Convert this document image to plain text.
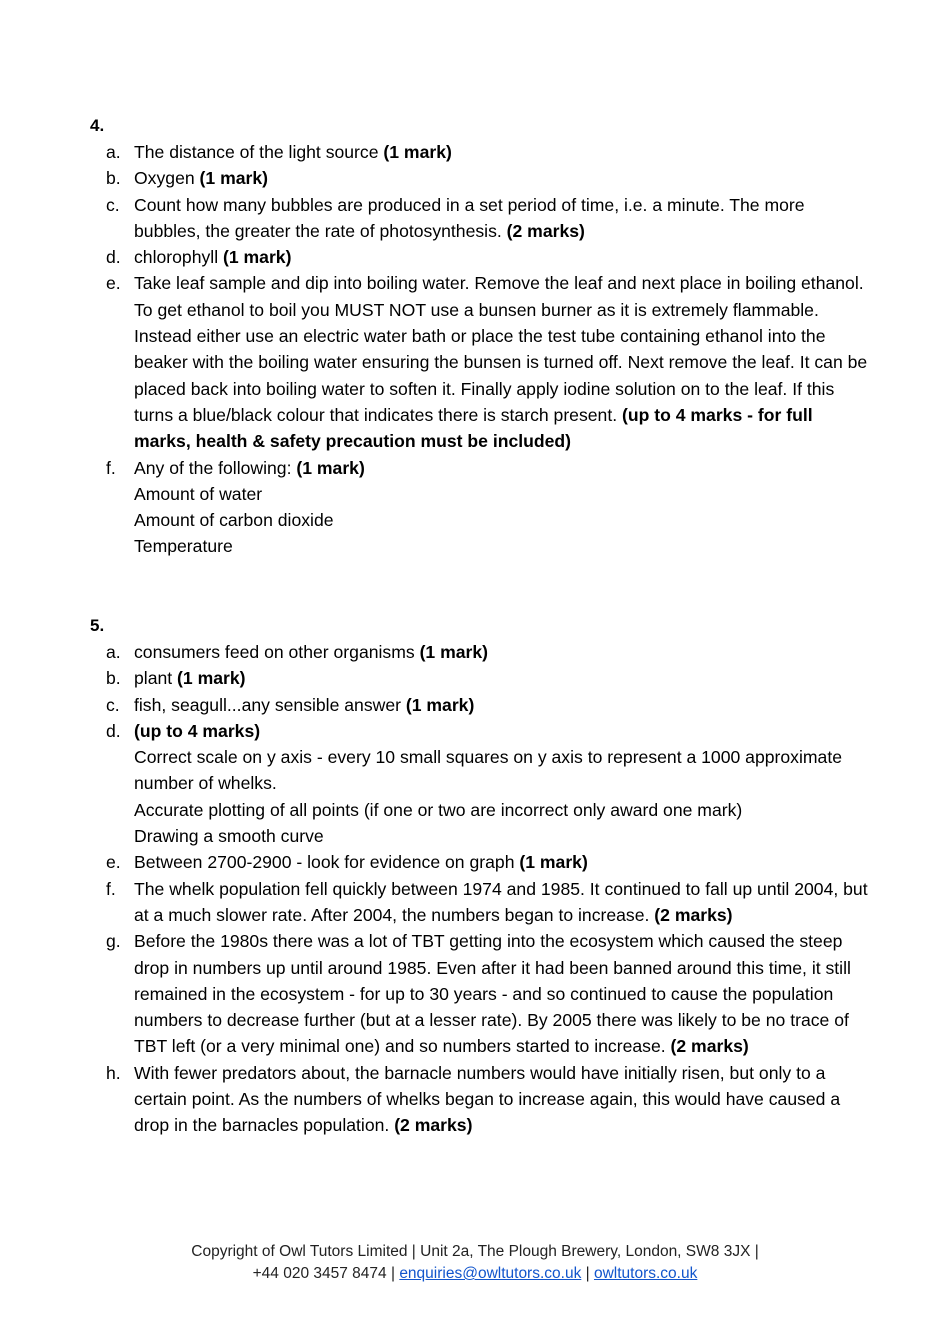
4.
a. The distance of the light source (1 mark)
b. Oxygen (1 mark)
c. Count how many bubbles are produced in a set period of time, i.e. a minute. The more bubbles, the greater the rate of photosynthesis. (2 marks)
d. chlorophyll (1 mark)
e. Take leaf sample and dip into boiling water. Remove the leaf and next place in boiling ethanol. To get ethanol to boil you MUST NOT use a bunsen burner as it is extremely flammable. Instead either use an electric water bath or place the test tube containing ethanol into the beaker with the boiling water ensuring the bunsen is turned off. Next remove the leaf. It can be placed back into boiling water to soften it. Finally apply iodine solution on to the leaf. If this turns a blue/black colour that indicates there is starch present. (up to 4 marks - for full marks, health & safety precaution must be included)
f. Any of the following: (1 mark)
Amount of water
Amount of carbon dioxide
Temperature
5.
a. consumers feed on other organisms (1 mark)
b. plant (1 mark)
c. fish, seagull...any sensible answer (1 mark)
d. (up to 4 marks)
Correct scale on y axis - every 10 small squares on y axis to represent a 1000 approximate number of whelks.
Accurate plotting of all points (if one or two are incorrect only award one mark)
Drawing a smooth curve
e. Between 2700-2900 - look for evidence on graph (1 mark)
f. The whelk population fell quickly between 1974 and 1985. It continued to fall up until 2004, but at a much slower rate. After 2004, the numbers began to increase. (2 marks)
g. Before the 1980s there was a lot of TBT getting into the ecosystem which caused the steep drop in numbers up until around 1985. Even after it had been banned around this time, it still remained in the ecosystem - for up to 30 years - and so continued to cause the population numbers to decrease further (but at a lesser rate). By 2005 there was likely to be no trace of TBT left (or a very minimal one) and so numbers started to increase. (2 marks)
h. With fewer predators about, the barnacle numbers would have initially risen, but only to a certain point. As the numbers of whelks began to increase again, this would have caused a drop in the barnacles population. (2 marks)
Copyright of Owl Tutors Limited | Unit 2a, The Plough Brewery, London, SW8 3JX |
+44 020 3457 8474 | enquiries@owltutors.co.uk | owltutors.co.uk
